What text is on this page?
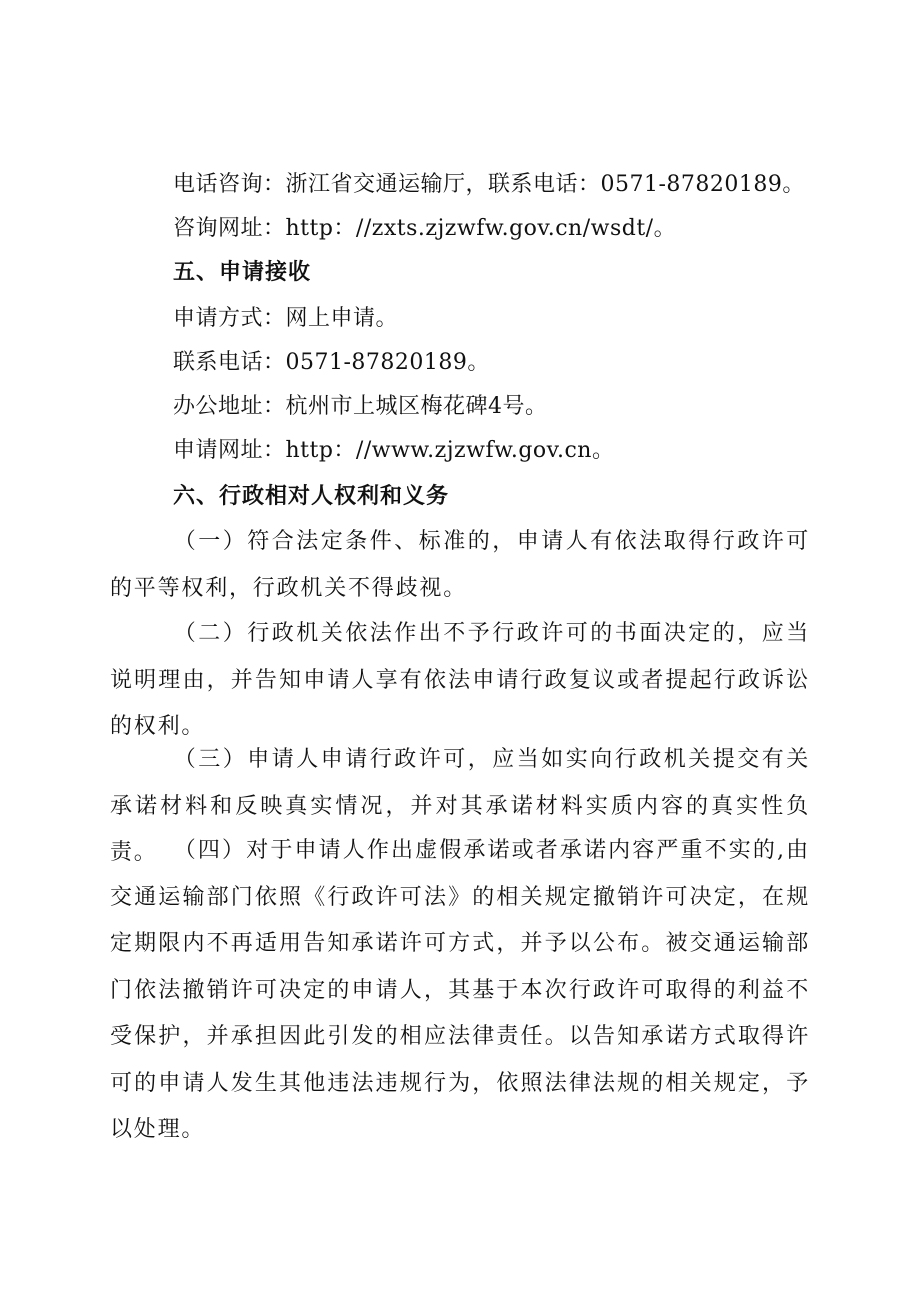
电话咨询：浙江省交通运输厅，联系电话：0571-87820189。
咨询网址：http：//zxts.zjzwfw.gov.cn/wsdt/。
五、申请接收
申请方式：网上申请。
联系电话：0571-87820189。
办公地址：杭州市上城区梅花碑4号。
申请网址：http：//www.zjzwfw.gov.cn。
六、行政相对人权利和义务
（一）符合法定条件、标准的，申请人有依法取得行政许可的平等权利，行政机关不得歧视。
（二）行政机关依法作出不予行政许可的书面决定的，应当说明理由，并告知申请人享有依法申请行政复议或者提起行政诉讼的权利。
（三）申请人申请行政许可，应当如实向行政机关提交有关承诺材料和反映真实情况，并对其承诺材料实质内容的真实性负责。 （四）对于申请人作出虚假承诺或者承诺内容严重不实的,由交通运输部门依照《行政许可法》的相关规定撤销许可决定，在规定期限内不再适用告知承诺许可方式，并予以公布。被交通运输部门依法撤销许可决定的申请人，其基于本次行政许可取得的利益不受保护，并承担因此引发的相应法律责任。以告知承诺方式取得许可的申请人发生其他违法违规行为，依照法律法规的相关规定，予以处理。
